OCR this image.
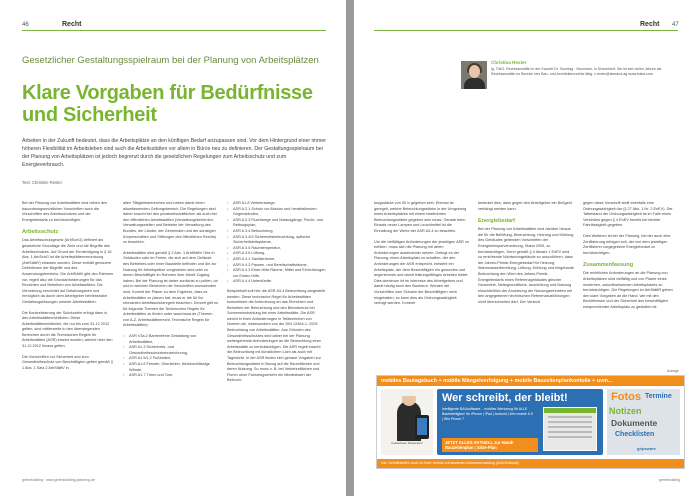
46	Recht
Gesetzlicher Gestaltungsspielraum bei der Planung von Arbeitsplätzen
Klare Vorgaben für Bedürfnisse und Sicherheit
Arbeiten in der Zukunft bedeutet, dass die Arbeitsplätze an den künftigen Bedarf anzupassen sind. Vor dem Hintergrund einer immer höheren Flexibilität im Arbeitsleben sind auch die Arbeitsstätten vor allem in Büros neu zu definieren. Der Gestaltungsspielraum bei der Planung von Arbeitsplätzen ist jedoch begrenzt durch die gesetzlichen Regelungen zum Arbeitsschutz und zum Energieverbrauch.
Text: Christine Rester
Bei der Planung von Arbeitsstätten sind neben den bauordnungsrechtlichen Vorschriften auch die Vorschriften des Arbeitsschutzes und der Energiebedarfs zu berücksichtigen.
Arbeitsschutz
Das Arbeitsschutzgesetz (ArbSchG) definiert als gesetzliche Grundlage die Ziele und die Begriffe des Arbeitsschutzes. Auf Grund der Ermächtigung in § 18 Abs. 1 ArbSchG ist die Arbeitsstättenverordnung (ArbStättV) erlassen worden. Diese enthält genauere Definitionen der Begriffe und des Anwendungsbereichs. Die ArbStättV gibt den Rahmen vor, regelt also die Grundanforderungen für das Einrichten und Betreiben von Arbeitsstätten. Die Verordnung verzichtet auf Detailvorgaben und ermöglicht da durch dem Arbeitgeber betriebsnahe Gestaltungslösungen unserer Arbeitsstätten.
Die Konkretisierung der Schutzziele erfolgt dann in den Arbeitsstättenrichtlinien. Diese Arbeitsstättenrichtlinien, die nur bis zum 31.12.2012 gelten, sind mittlerweile in den überwiegenden Bereichen durch die Technischen Regeln für Arbeitsstätten (ASR) ersetzt worden, welche über den 31.12.2012 hinaus gelten.
Die Vorschriften zur Sicherheit und zum Gesundheitsschutz von Beschäftigten gelten gemäß § 1 Abs. 1 Satz 2 ArbStättV in
allen Tätigkeitsbereichen und haben damit einen allumfassenden Geltungsbereich. Die Regelungen sind daher sowohl bei den privatwirtschaftlichen als auch bei den öffentlichen Arbeitsstätten (Verwaltungsbehörden, Verwaltungsstellen und Betriebe der Verwaltung des Bundes, der Länder, der Gemeinden und der sonstigen Körperschaften und Stiftungen des öffentlichen Rechts) zu beachten.
Arbeitsstätten sind gemäß § 2 Abs. 1 ArbStättV Orte in Gebäuden oder im Freien, die sich auf dem Gelände des Betriebes oder einer Baustelle befinden und die zur Nutzung für Arbeitsplätze vorgesehen sind oder zu denen Beschäftigte im Rahmen ihrer Arbeit Zugang haben. Bei der Planung ist daher zunächst zu prüfen, ob und in welchen Bereichen die Vorschriften anzuwenden sind. Kommt der Planer zu dem Ergebnis, dass es Arbeitsstätten zu planen hat, muss er die für ihn relevanten Arbeitsschutzregeln beachten. Derzeit gibt es für folgende Themen die Technischen Regeln für Arbeitsstätten zu finden unter www.baua.de (Themen von A-Z, Arbeitsstättenrecht, Technische Regeln für Arbeitsstätten):
• ASR V3a.2 Barrierefreie Gestaltung von Arbeitsstätten,
• ASR A1.3 Sicherheits- und Gesundheitsschutzkennzeichnung,
• ASR A1.5/1,2 Fußböden,
• ASR A1.6 Fenster, Oberlichter, lichtdurchlässige Wände,
• ASR A1.7 Türen und Tore,
• ASR A1.8 Verkehrswege,
• ASR A 2.1 Schutz vor Absturz und herabfallenden Gegenständen,
• ASR A 2.3 Fluchtwege und Notausgänge, Flucht- und Rettungsplan,
• ASR A 3.4 Beleuchtung,
• ASR A 3.4/3 Sicherheitsbeleuchtung, optische Sicherheitsleitsysteme,
• ASR A 3.5 Raumtemperatur,
• ASR A 3.6 Lüftung,
• ASR A 4.1 Sanitärräume,
• ASR A 4.2 Pausen- und Bereitschaftsräume,
• ASR A 4.3 Erste-Hilfe-Räume, Mittel und Einrichtungen zur Ersten Hilfe,
• ASR A 4.4 Unterkünfte.
Beispielhaft soll hier die ASR A3.4 Beleuchtung dargestellt werden. Diese technische Regel für Arbeitsstätten konkretisiert die Anforderung an das Einrichten und Betreiben der Beleuchtung und den Blendschutz bei Sonneneinstrahlung bei einer Arbeitsstätte. Die ASR weicht in ihren Anforderungen in Teilbereichen von Normen ab, insbesondere von der DIN 12464-1: 2003 Beleuchtung von Arbeitsstätten. Aus Gründen des Gesundheitsschutzes sind daher bei der Planung weitergehende Anforderungen an die Beleuchtung einer Arbeitsstätte zu berücksichtigen. Die ASR regelt sowohl die Beleuchtung mit künstlichem Licht als auch mit Tageslicht. In der ASR finden sich genaue Vorgaben zur Beleuchtungsstärke in Bezug auf die Raumflächen und deren Nutzung. So muss z. B. bei Verkehrsflächen und Fluren ohne Fahrzeugverkehr ein Mindestwert der Beleuch-
greenbuilding · www.greenbuilding-planning.de
Recht 47
Christina Rester
ig. TIAG, Rechtsanwältin in der Kanzlei Dr. Sonntag · Neumann, in Düsseldorf. Sie ist seit vielen Jahren als Rechtsanwältin im Bereich des Bau- und Architektenrechts tätig. c.rester@lawrand.ag-www.baba.com
tungsstärke von 50 lx gegeben sein. Ebenso ist geregelt, welche Beleuchtungsstärke in der Umgebung eines Arbeitsplatzes mit einem bestimmten Beleuchtungsstärke gegeben sein muss. Gerade beim Einsatz neuer Lampen und Leuchtmittel ist die Einhaltung der Werte der ASR A3.4 zu beachten.
Um die vielfältigen Anforderungen der jeweiligen ASR zu erfüllen, muss sich die Planung mit deren Anforderungen auseinander setzen. Gelingt es der Planung, einen Arbeitsplatz zu schaffen, der den Anforderungen der ASR entspricht, entsteht ein Arbeitsplatz, der dem Beschäftigten ein gesundes und angenehmes und damit leistungsfähiges Arbeiten bietet. Dies wiederum ist im Interesse des Arbeitgebers und damit häufig auch des Bauherrn. Werden die Vorschriften zum Schutze der Beschäftigten nicht eingehalten, so kann dies als Ordnungswidrigkeit verfolgt werden. Konkret
bedeutet dies, dass gegen den Arbeitgeber ein Bußgeld verhängt werden kann.
Energiebedarf
Bei der Planung von Arbeitsstätten sind darüber hinaus die für die Belüftung, Beleuchtung, Heizung und Kühlung des Gebäudes geltenden Vorschriften der Energieeinsparverordnung, Stand 2009, zu berücksichtigen. Denn gemäß § 4 Absatz 1 EnEV sind zu errichtende Nichtwohngebäude so auszuführen, dass der Jahres-Primär-Energiebedarf für Heizung, Warmwasserbereitung, Lüftung, Kühlung und eingebaute Beleuchtung den Wert des Jahres-Primär-Energiebedarfs eines Referenzgebäudes gleicher Geometrie, Nettogrundfläche, Ausrichtung und Nutzung einschließlich der Anordnung der Nutzungseinheiten mit den angegebenen technischen Referenzausführungen nicht überschreiten darf. Der Verstoß
gegen diese Vorschrift stellt ebenfalls eine Ordnungswidrigkeit dar (§ 27 Abs. 1 Nr. 2 EnEV). Der Tatbestand der Ordnungswidrigkeit ist im Falle eines Verstoßes gegen § 4 EnEV bereits bei leichter Fahrlässigkeit gegeben.
Dies Weiteren ist bei der Planung, bei der auch eine Zertifizierung erfolgen soll, der von dem jeweiligen Zertifizierer vorgegebene Energiebedarf zu berücksichtigen.
Zusammenfassung
Die rechtlichen Anforderungen an die Planung von Arbeitsplätzen sind vielfältig und von Planer eines modernen, zukunftweisenden Arbeitsplatzes zu berücksichtigen. Die Regelungen im ArbStättR geben den klare Vorgaben an die Hand, wie mit den Bedürfnissen und der Sicherheit des beschäftigten entsprechender Arbeitsplatz zu gestalten ist.
Anzeige
mobiles Bautagebuch + mobile Mängelverfolgung + mobile Bauzeitenplankontolle + uvm...
Kostenlosen Testversion!
Wer schreibt, der bleibt!
Intelligente BAUsoftware... mobiles Werkzeug für ALLE Baubeteiligten! für iPhone | iPad | Android | Win mobile 6.5 | Win Phone 7
JETZT ALLES AKTUELL zur Hand! Bauzeitenplan | SiGe-Plan
Fotos Termine
Notizen
Dokumente
Checklisten
gripsware
inkl. Schnittstellen auch zu Ihrer bereits vorhandenen Adressverwaltung (AVA/Outlook)!
greenbuilding
